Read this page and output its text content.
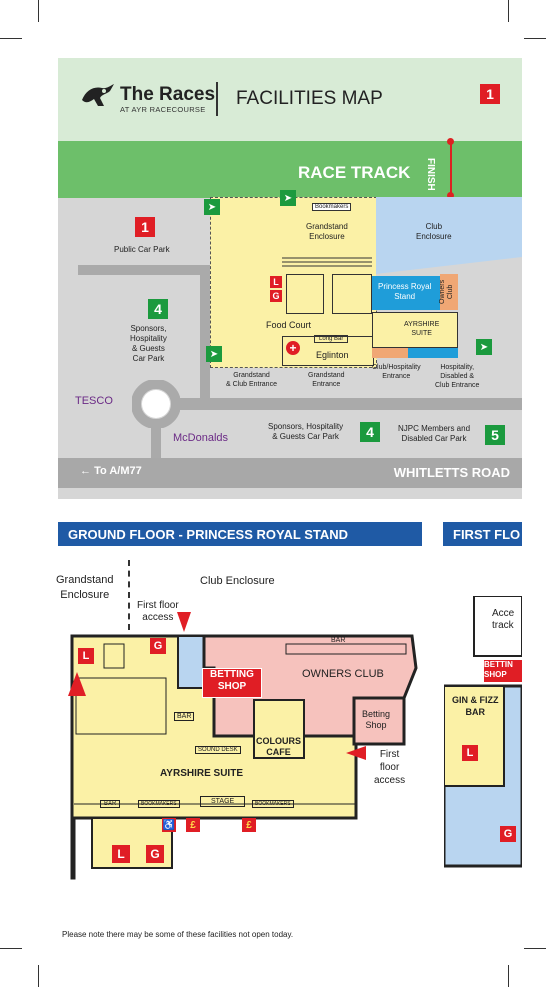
The Races
AT AYR RACECOURSE
FACILITIES MAP	1
RACE TRACK FINISH
← To A/M77	WHITLETTS ROAD
Bookmakers
Grandstand
Enclosure
Club
Enclosure
Food Court
Long Bar
Eglinton
+
L
G
Princess Royal
Stand	Owners
Club
AYRSHIRE
SUITE
1
Public Car Park
4
Sponsors,
Hospitality
& Guests
Car Park
➤
➤
➤
➤
Grandstand
& Club Entrance
Grandstand
Entrance
Club/Hospitality
Entrance
Hospitality,
Disabled &
Club Entrance
TESCO
McDonalds
Sponsors, Hospitality
& Guests Car Park	4	NJPC Members and
Disabled Car Park	5
GROUND FLOOR - PRINCESS ROYAL STAND	FIRST FLO
Grandstand
Enclosure
Club Enclosure
First floor
access
L
G	BAR
BETTING
SHOP
OWNERS CLUB
BAR	Betting
Shop
COLOURS
CAFE
SOUND DESK
AYRSHIRE SUITE
First
floor
access
BAR	BOOKMAKERS	STAGE	BOOKMAKERS
♿	£	£
L	G
Acce
track
BETTIN
SHOP
GIN & FIZZ
BAR
L
G
Please note there may be some of these facilities not open today.
